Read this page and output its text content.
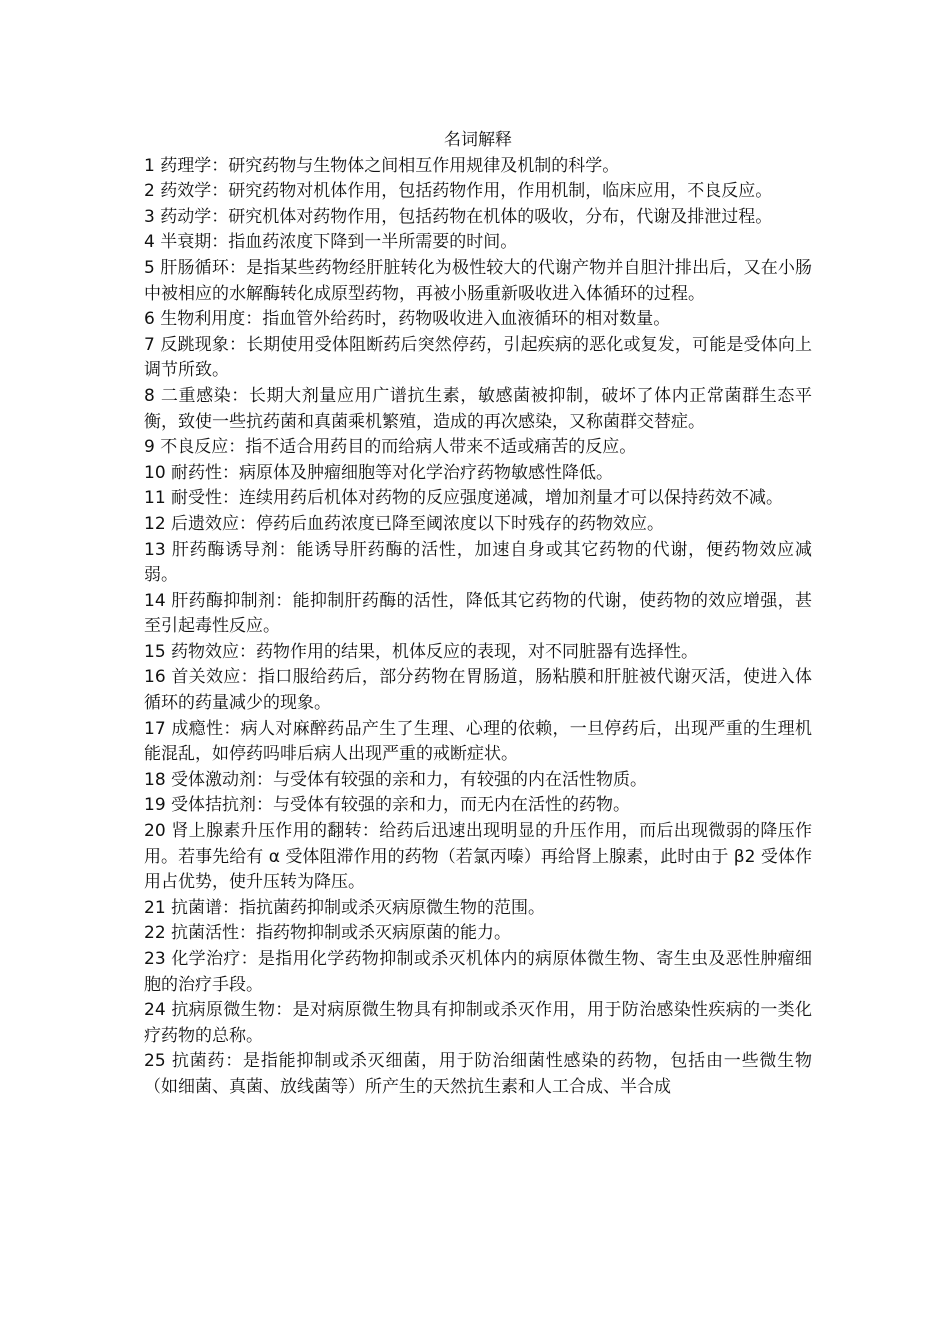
名词解释
1 药理学：研究药物与生物体之间相互作用规律及机制的科学。
2 药效学：研究药物对机体作用，包括药物作用，作用机制，临床应用，不良反应。
3 药动学：研究机体对药物作用，包括药物在机体的吸收，分布，代谢及排泄过程。
4 半衰期：指血药浓度下降到一半所需要的时间。
5 肝肠循环：是指某些药物经肝脏转化为极性较大的代谢产物并自胆汁排出后，又在小肠中被相应的水解酶转化成原型药物，再被小肠重新吸收进入体循环的过程。
6 生物利用度：指血管外给药时，药物吸收进入血液循环的相对数量。
7 反跳现象：长期使用受体阻断药后突然停药，引起疾病的恶化或复发，可能是受体向上调节所致。
8 二重感染：长期大剂量应用广谱抗生素，敏感菌被抑制，破坏了体内正常菌群生态平衡，致使一些抗药菌和真菌乘机繁殖，造成的再次感染，又称菌群交替症。
9 不良反应：指不适合用药目的而给病人带来不适或痛苦的反应。
10 耐药性：病原体及肿瘤细胞等对化学治疗药物敏感性降低。
11 耐受性：连续用药后机体对药物的反应强度递减，增加剂量才可以保持药效不减。
12 后遗效应：停药后血药浓度已降至阈浓度以下时残存的药物效应。
13 肝药酶诱导剂：能诱导肝药酶的活性，加速自身或其它药物的代谢，便药物效应减弱。
14 肝药酶抑制剂：能抑制肝药酶的活性，降低其它药物的代谢，使药物的效应增强，甚至引起毒性反应。
15 药物效应：药物作用的结果，机体反应的表现，对不同脏器有选择性。
16 首关效应：指口服给药后，部分药物在胃肠道，肠粘膜和肝脏被代谢灭活，使进入体循环的药量减少的现象。
17 成瘾性：病人对麻醉药品产生了生理、心理的依赖，一旦停药后，出现严重的生理机能混乱，如停药吗啡后病人出现严重的戒断症状。
18 受体激动剂：与受体有较强的亲和力，有较强的内在活性物质。
19 受体拮抗剂：与受体有较强的亲和力，而无内在活性的药物。
20 肾上腺素升压作用的翻转：给药后迅速出现明显的升压作用，而后出现微弱的降压作用。若事先给有 α 受体阻滞作用的药物（若氯丙嗪）再给肾上腺素，此时由于 β2 受体作用占优势，使升压转为降压。
21 抗菌谱：指抗菌药抑制或杀灭病原微生物的范围。
22 抗菌活性：指药物抑制或杀灭病原菌的能力。
23 化学治疗：是指用化学药物抑制或杀灭机体内的病原体微生物、寄生虫及恶性肿瘤细胞的治疗手段。
24 抗病原微生物：是对病原微生物具有抑制或杀灭作用，用于防治感染性疾病的一类化疗药物的总称。
25 抗菌药：是指能抑制或杀灭细菌，用于防治细菌性感染的药物，包括由一些微生物（如细菌、真菌、放线菌等）所产生的天然抗生素和人工合成、半合成
